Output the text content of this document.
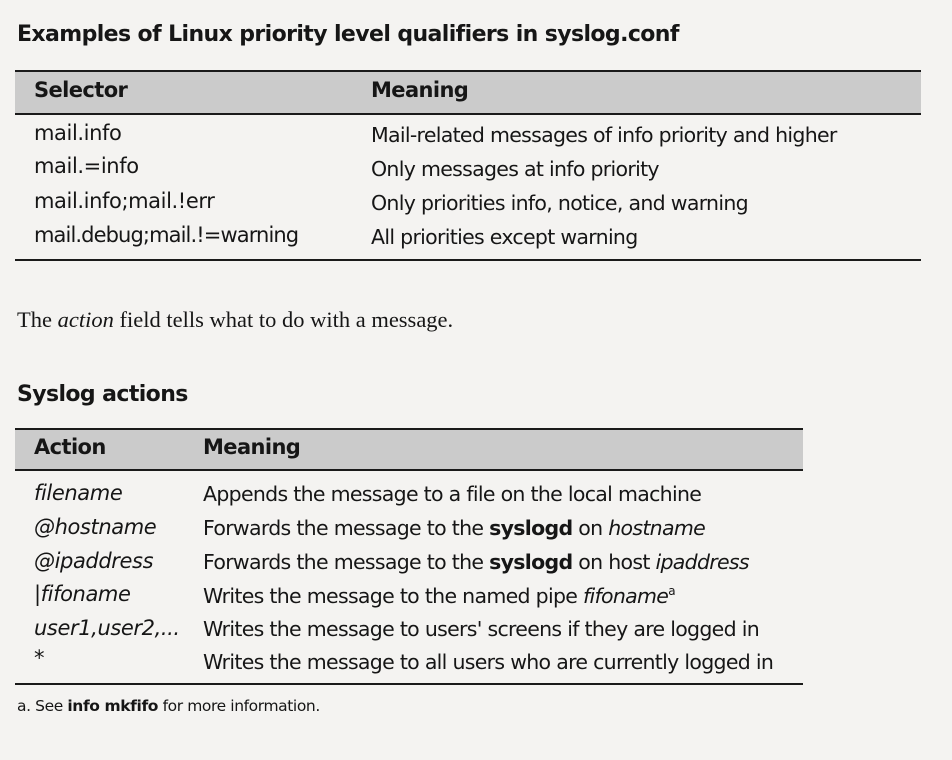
Examples of Linux priority level qualifiers in syslog.conf
Selector	Meaning
mail.info	Mail-related messages of info priority and higher
mail.=info	Only messages at info priority
mail.info;mail.!err	Only priorities info, notice, and warning
mail.debug;mail.!=warning	All priorities except warning
The action field tells what to do with a message.
Syslog actions
Action	Meaning
filename	Appends the message to a file on the local machine
@hostname Forwards the message to the syslogd on hostname
@ipaddress Forwards the message to the syslogd on host ipaddress
|fifoname	Writes the message to the named pipe fifoname$^a$
user1,user2,... Writes the message to users' screens if they are logged in
*	Writes the message to all users who are currently logged in
a. See info mkfifo for more information.
